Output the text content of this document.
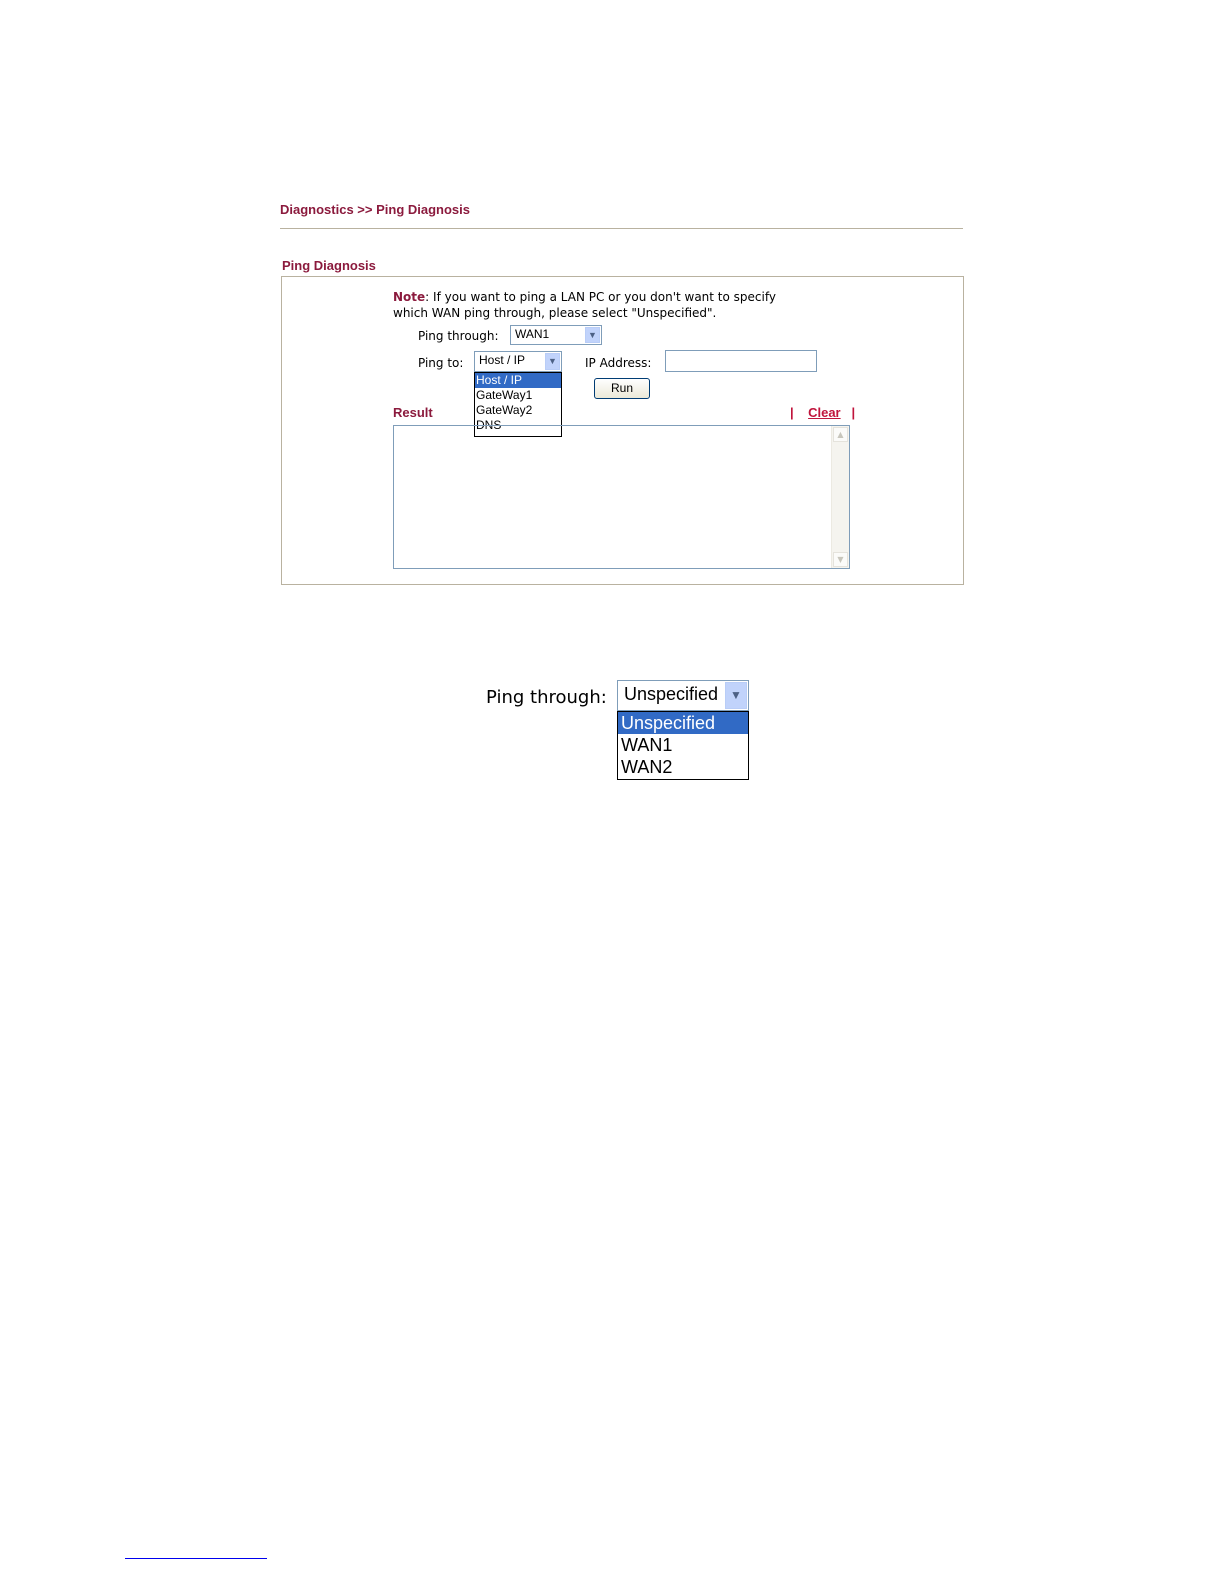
Diagnostics >> Ping Diagnosis
Ping Diagnosis
Note: If you want to ping a LAN PC or you don't want to specify
which WAN ping through, please select "Unspecified".
Ping through: WAN1	▼
Ping to: Host / IP	▼
Host / IP
GateWay1
GateWay2
DNS
IP Address:
Run
Result	| Clear |
▲
▼
Ping through: Unspecified ▼
Unspecified
WAN1
WAN2
